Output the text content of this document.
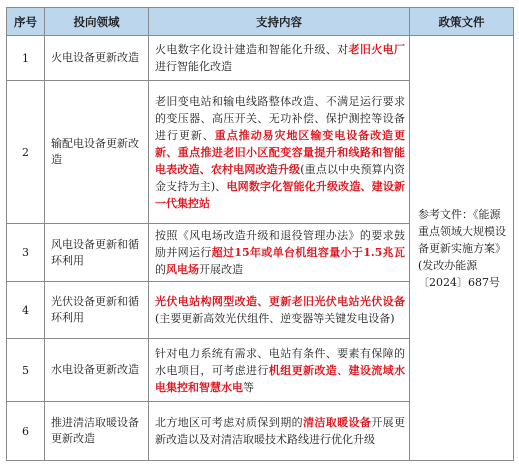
序号	投向领域	支持内容	政策文件
1	火电设备更新改造	火电数字化设计建造和智能化升级、对老旧火电厂进行智能化改造	参考文件：《能源重点领域大规模设备更新实施方案》(发改办能源〔2024〕687号
2	输配电设备更新改造	老旧变电站和输电线路整体改造、不满足运行要求的变压器、高压开关、无功补偿、保护测控等设备进行更新、重点推动易灾地区输变电设备改造更新、重点推进老旧小区配变容量提升和线路和智能电表改造、农村电网改造升级(重点以中央预算内资金支持为主)、电网数字化智能化升级改造、建设新一代集控站	
3	风电设备更新和循环利用	按照《风电场改造升级和退役管理办法》的要求鼓励并网运行超过15年或单台机组容量小于1.5兆瓦的风电场开展改造	
4	光伏设备更新和循环利用	光伏电站构网型改造、更新老旧光伏电站光伏设备(主要更新高效光伏组件、逆变器等关键发电设备)	
5	水电设备更新改造	针对电力系统有需求、电站有条件、要素有保障的水电项目，可考虑进行机组更新改造、建设流域水电集控和智慧水电等	
6	推进清洁取暖设备更新改造	北方地区可考虑对质保到期的清洁取暖设备开展更新改造以及对清洁取暖技术路线进行优化升级	
